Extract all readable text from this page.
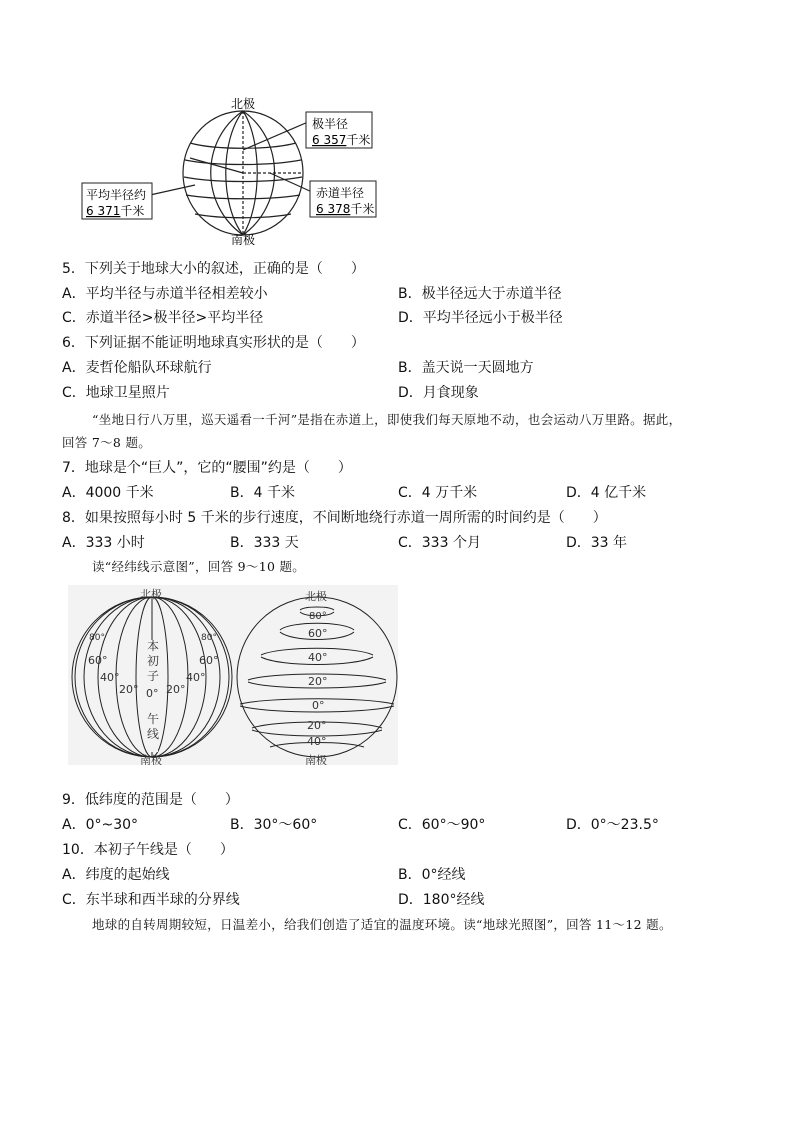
北极
南极
极半径
6 357千米
赤道半径
6 378千米
平均半径约
6 371千米
5．下列关于地球大小的叙述，正确的是（　　）
A．平均半径与赤道半径相差较小	B．极半径远大于赤道半径
C．赤道半径>极半径>平均半径	D．平均半径远小于极半径
6．下列证据不能证明地球真实形状的是（　　）
A．麦哲伦船队环球航行	B．盖天说一天圆地方
C．地球卫星照片	D．月食现象
“坐地日行八万里，巡天遥看一千河”是指在赤道上，即使我们每天原地不动，也会运动八万里路。据此，
回答 7～8 题。
7．地球是个“巨人”，它的“腰围”约是（　　）
A．4000 千米	B．4 千米	C．4 万千米	D．4 亿千米
8．如果按照每小时 5 千米的步行速度，不间断地绕行赤道一周所需的时间约是（　　）
A．333 小时	B．333 天	C．333 个月	D．33 年
读“经纬线示意图”，回答 9～10 题。
北极
南极
80°
60°
40°
20° 0° 20°
40°
60°
80°
本
初
子
午
线
北极
南极
80°
60°
40°
20°
0°
20°
40°
9．低纬度的范围是（　　）
A．0°~30°	B．30°～60°	C．60°～90°	D．0°～23.5°
10．本初子午线是（　　）
A．纬度的起始线	B．0°经线
C．东半球和西半球的分界线	D．180°经线
地球的自转周期较短，日温差小，给我们创造了适宜的温度环境。读“地球光照图”，回答 11～12 题。
